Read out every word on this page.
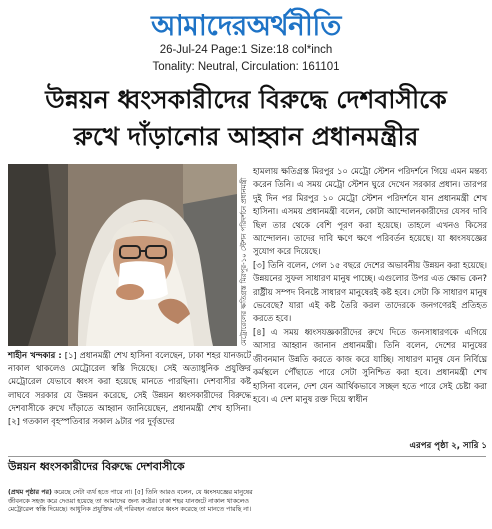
আমাদেরঅর্থনীতি
26-Jul-24 Page:1 Size:18 col*inch
Tonality: Neutral, Circulation: 161101
উন্নয়ন ধ্বংসকারীদের বিরুদ্ধে দেশবাসীকে
রুখে দাঁড়ানোর আহ্বান প্রধানমন্ত্রীর
মেট্রোরেলের ক্ষতিগ্রস্ত মিরপুর-১০ স্টেশন পরিদর্শনে প্রধানমন্ত্রী

হামলায় ক্ষতিগ্রস্ত মিরপুর ১০ মেট্রো স্টেশন পরিদর্শনে গিয়ে এমন মন্তব্য করেন তিনি। এ সময় মেট্রো স্টেশন ঘুরে দেখেন সরকার প্রধান। তারপর দুই দিন পর মিরপুর ১০ মেট্রো স্টেশন পরিদর্শনে যান প্রধানমন্ত্রী শেখ হাসিনা। এসময় প্রধানমন্ত্রী বলেন, কোটা আন্দোলনকারীদের যেসব দাবি ছিল তার থেকে বেশি পূরণ করা হয়েছে। তাহলে এখনও কিসের আন্দোলন। তাদের দাবি ক্ষণে ক্ষণে পরিবর্তন হয়েছে। যা ধ্বংসযজ্ঞের সুযোগ করে দিয়েছে।

[৩] তিনি বলেন, গেল ১৫ বছরে দেশের অভাবনীয় উন্নয়ন করা হয়েছে। উন্নয়নের সুফল সাধারণ মানুষ পাচ্ছে। এগুলোর উপর এত ক্ষোভ কেন? রাষ্ট্রীয় সম্পদ বিনষ্টে সাধারণ মানুষেরই কষ্ট হবে। সেটা কি সাধারণ মানুষ ভেবেছে? যারা এই কষ্ট তৈরি করল তাদেরকে জনগণেরই প্রতিহত করতে হবে।

[৪] এ সময় ধ্বংসযজ্ঞকারীদের রুখে দিতে জনসাধারণকে এগিয়ে আসার আহ্বান জানান প্রধানমন্ত্রী। তিনি বলেন, দেশের মানুষের জীবনমান উন্নতি করতে কাজ করে যাচ্ছি। সাধারণ মানুষ যেন নির্বিঘ্নে কর্মস্থলে পৌঁছাতে পারে সেটা সুনিশ্চিত করা হবে। প্রধানমন্ত্রী শেখ হাসিনা বলেন, দেশ যেন আর্থিকভাবে সচ্ছল হতে পারে সেই চেষ্টা করা হবে। এ দেশ মানুষ রক্ত দিয়ে স্বাধীন

শাহীন খন্দকার : [১] প্রধানমন্ত্রী শেখ হাসিনা বলেছেন, ঢাকা শহর যানজটে নাকাল থাকলেও মেট্রোরেল স্বস্তি দিয়েছে। সেই অত্যাধুনিক প্রযুক্তির মেট্রোরেল যেভাবে ধ্বংস করা হয়েছে মানতে পারছিনা। দেশবাসীর কষ্ট লাঘবে সরকার যে উন্নয়ন করেছে, সেই উন্নয়ন ধ্বংসকারীদের বিরুদ্ধে দেশবাসীকে রুখে দাঁড়াতে আহ্বান জানিয়েছেন, প্রধানমন্ত্রী শেখ হাসিনা। [২] গতকাল বৃহস্পতিবার সকাল ৯টার পর দুর্বৃত্তদের
এরপর পৃষ্ঠা ২, সারি ১
উন্নয়ন ধ্বংসকারীদের বিরুদ্ধে দেশবাসীকে
(প্রথম পৃষ্ঠার পর) করেছে সেটা ব্যর্থ হতে পারে না। [৫] তিনি আরও বলেন, যে ধ্বংসযজ্ঞের মানুষের জীবনকে সহজ করে দেওয়া হয়েছে তা আমাদের জন্য কষ্টের। ঢাকা শহর যানজটে নাকাল থাকলেও মেট্রোরেল স্বস্তি দিয়েছে। আধুনিক প্রযুক্তির এই পরিবহন এভাবে ধ্বংস করেছে তা মানতে পারছি না।
